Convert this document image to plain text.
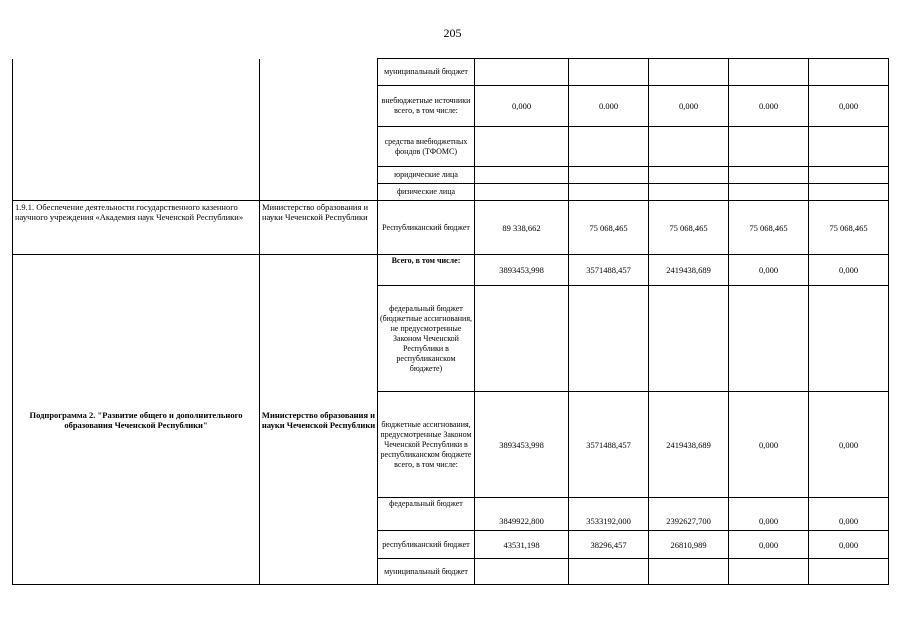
205
		муниципальный бюджет					
		внебюджетные источники всего, в том числе:	0,000	0.000	0,000	0.000	0,000
		средства внебюджетных фондов (ТФОМС)					
		юридические лица					
		физические лица					
1.9.1. Обеспечение деятельности государственного казенного научного учреждения «Академия наук Чеченской Республики»	Министерство образования и науки Чеченской Республики	Республиканский бюджет	89 338,662	75 068,465	75 068,465	75 068,465	75 068,465
Подпрограмма 2. "Развитие общего и дополнительного образования Чеченской Республики"	Министерство образования и науки Чеченской Республики	Всего, в том числе:	3893453,998	3571488,457	2419438,689	0,000	0,000
		федеральный бюджет (бюджетные ассигнования, не предусмотренные Законом Чеченской Республики в республиканском бюджете)					
		бюджетные ассигнования, предусмотренные Законом Чеченской Республики в республиканском бюджете всего, в том числе:	3893453,998	3571488,457	2419438,689	0,000	0,000
		федеральный бюджет	3849922,800	3533192,000	2392627,700	0,000	0,000
		республиканский бюджет	43531,198	38296,457	26810,989	0,000	0,000
		муниципальный бюджет					
